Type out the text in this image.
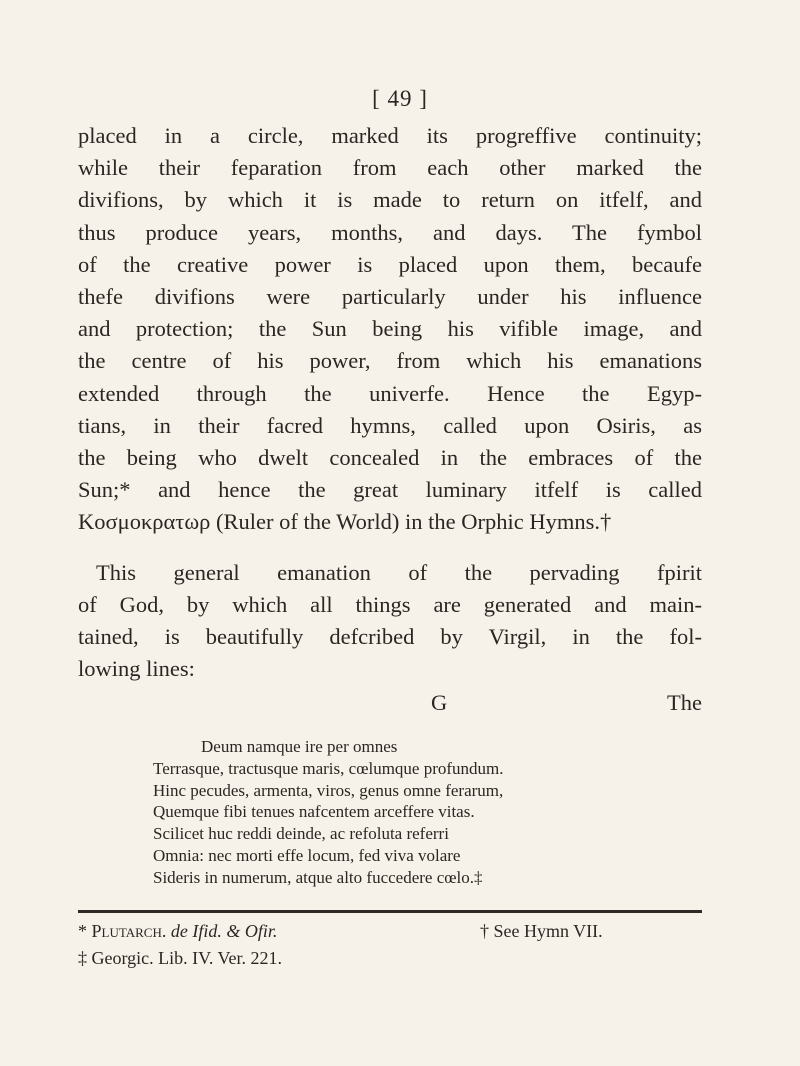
[ 49 ]
placed in a circle, marked its progreffive continuity;
while their feparation from each other marked the
divifions, by which it is made to return on itfelf, and
thus produce years, months, and days. The fymbol
of the creative power is placed upon them, becaufe
thefe divifions were particularly under his influence
and protection; the Sun being his vifible image, and
the centre of his power, from which his emanations
extended through the univerfe. Hence the Egyp-
tians, in their facred hymns, called upon Osiris, as
the being who dwelt concealed in the embraces of the
Sun;* and hence the great luminary itfelf is called
Κοσμοκρατωρ (Ruler of the World) in the Orphic Hymns.†
This general emanation of the pervading fpirit
of God, by which all things are generated and main-
tained, is beautifully defcribed by Virgil, in the fol-
lowing lines:
G	The
Deum namque ire per omnes
Terrasque, tractusque maris, cœlumque profundum.
Hinc pecudes, armenta, viros, genus omne ferarum,
Quemque fibi tenues nafcentem arceffere vitas.
Scilicet huc reddi deinde, ac refoluta referri
Omnia: nec morti effe locum, fed viva volare
Sideris in numerum, atque alto fuccedere cœlo.‡
* Plutarch. de Ifid. & Ofir.	† See Hymn VII.
‡ Georgic. Lib. IV. Ver. 221.
